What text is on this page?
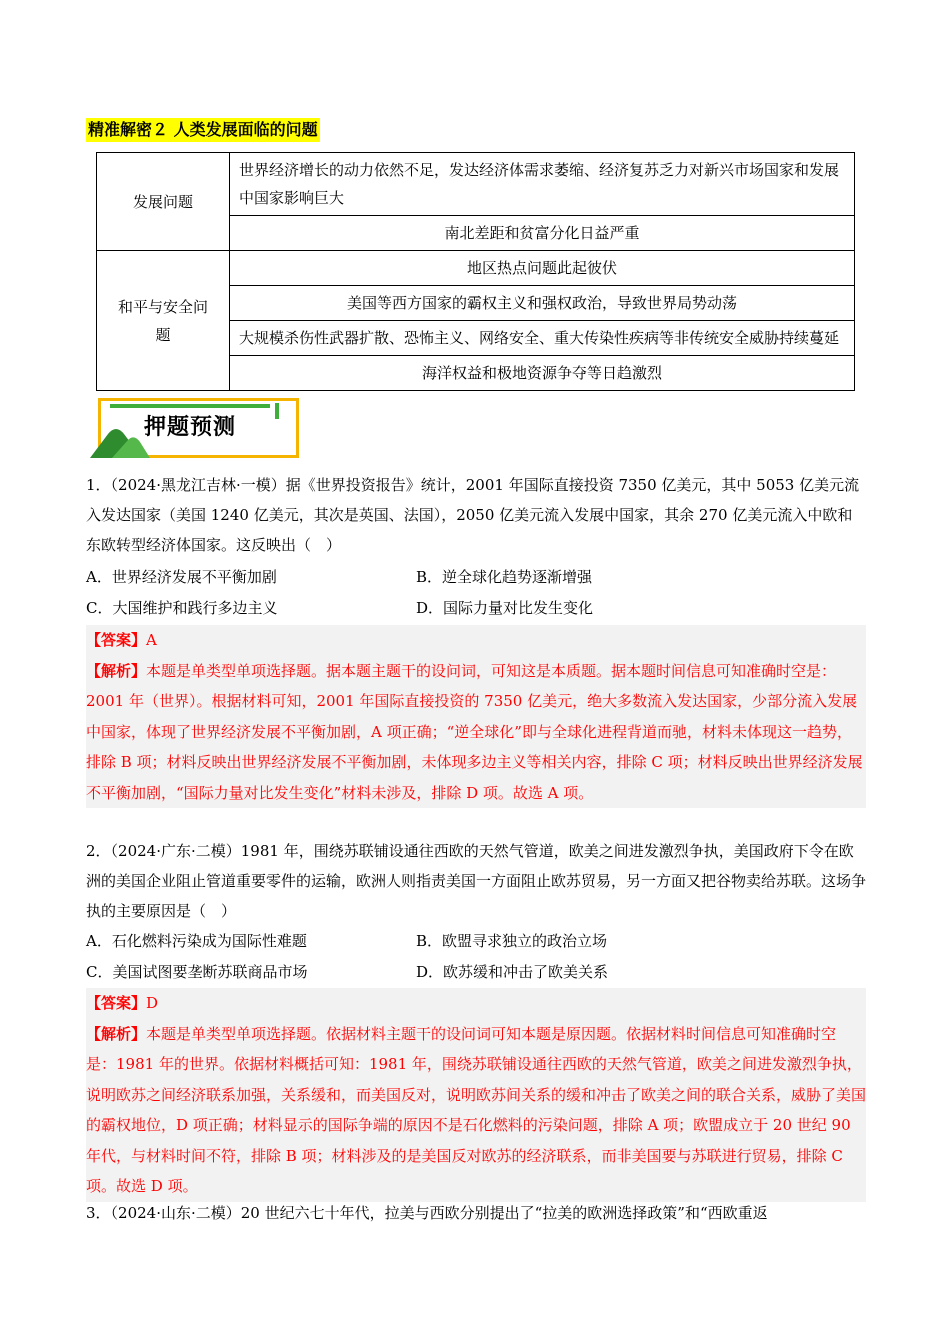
精准解密２ 人类发展面临的问题
发展问题	世界经济增长的动力依然不足，发达经济体需求萎缩、经济复苏乏力对新兴市场国家和发展中国家影响巨大
	南北差距和贫富分化日益严重
和平与安全问题	地区热点问题此起彼伏
	美国等西方国家的霸权主义和强权政治，导致世界局势动荡
	大规模杀伤性武器扩散、恐怖主义、网络安全、重大传染性疾病等非传统安全威胁持续蔓延
	海洋权益和极地资源争夺等日趋激烈
押题预测

1．（2024·黑龙江吉林·一模）据《世界投资报告》统计，2001 年国际直接投资 7350 亿美元，其中 5053 亿美元流入发达国家（美国 1240 亿美元，其次是英国、法国），2050 亿美元流入发展中国家，其余 270 亿美元流入中欧和东欧转型经济体国家。这反映出（　）

A．世界经济发展不平衡加剧	B．逆全球化趋势逐渐增强
C．大国维护和践行多边主义	D．国际力量对比发生变化

【答案】A

【解析】本题是单类型单项选择题。据本题主题干的设问词，可知这是本质题。据本题时间信息可知准确时空是：2001 年（世界）。根据材料可知，2001 年国际直接投资的 7350 亿美元，绝大多数流入发达国家，少部分流入发展中国家，体现了世界经济发展不平衡加剧，A 项正确；“逆全球化”即与全球化进程背道而驰，材料未体现这一趋势，排除 B 项；材料反映出世界经济发展不平衡加剧，未体现多边主义等相关内容，排除 C 项；材料反映出世界经济发展不平衡加剧，“国际力量对比发生变化”材料未涉及，排除 D 项。故选 A 项。

2．（2024·广东·二模）1981 年，围绕苏联铺设通往西欧的天然气管道，欧美之间进发激烈争执，美国政府下令在欧洲的美国企业阻止管道重要零件的运输，欧洲人则指责美国一方面阻止欧苏贸易，另一方面又把谷物卖给苏联。这场争执的主要原因是（　）

A．石化燃料污染成为国际性难题	B．欧盟寻求独立的政治立场
C．美国试图要垄断苏联商品市场	D．欧苏缓和冲击了欧美关系

【答案】D

【解析】本题是单类型单项选择题。依据材料主题干的设问词可知本题是原因题。依据材料时间信息可知准确时空是：1981 年的世界。依据材料概括可知：1981 年，围绕苏联铺设通往西欧的天然气管道，欧美之间进发激烈争执，说明欧苏之间经济联系加强，关系缓和，而美国反对，说明欧苏间关系的缓和冲击了欧美之间的联合关系，威胁了美国的霸权地位，D 项正确；材料显示的国际争端的原因不是石化燃料的污染问题，排除 A 项；欧盟成立于 20 世纪 90 年代，与材料时间不符，排除 B 项；材料涉及的是美国反对欧苏的经济联系，而非美国要与苏联进行贸易，排除 C 项。故选 D 项。

3．（2024·山东·二模）20 世纪六七十年代，拉美与西欧分别提出了“拉美的欧洲选择政策”和“西欧重返
